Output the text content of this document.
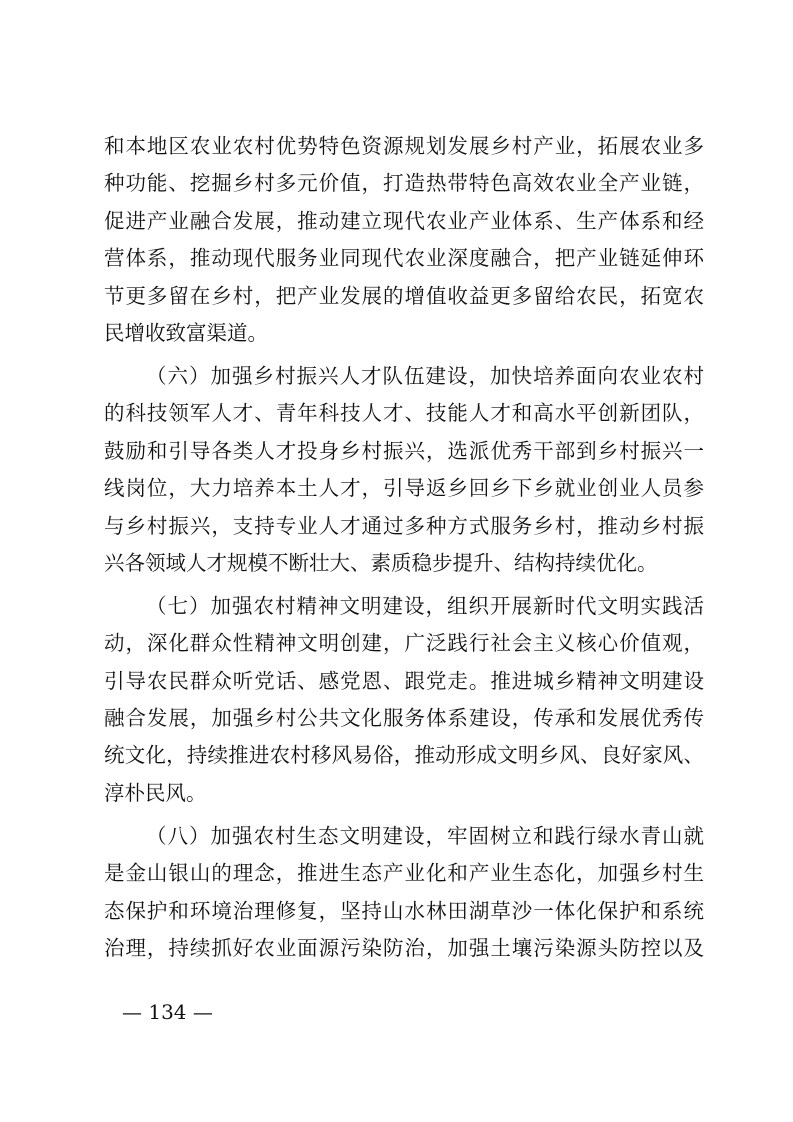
和本地区农业农村优势特色资源规划发展乡村产业，拓展农业多
种功能、挖掘乡村多元价值，打造热带特色高效农业全产业链，
促进产业融合发展，推动建立现代农业产业体系、生产体系和经
营体系，推动现代服务业同现代农业深度融合，把产业链延伸环
节更多留在乡村，把产业发展的增值收益更多留给农民，拓宽农
民增收致富渠道。
（六）加强乡村振兴人才队伍建设，加快培养面向农业农村
的科技领军人才、青年科技人才、技能人才和高水平创新团队，
鼓励和引导各类人才投身乡村振兴，选派优秀干部到乡村振兴一
线岗位，大力培养本土人才，引导返乡回乡下乡就业创业人员参
与乡村振兴，支持专业人才通过多种方式服务乡村，推动乡村振
兴各领域人才规模不断壮大、素质稳步提升、结构持续优化。
（七）加强农村精神文明建设，组织开展新时代文明实践活
动，深化群众性精神文明创建，广泛践行社会主义核心价值观，
引导农民群众听党话、感党恩、跟党走。推进城乡精神文明建设
融合发展，加强乡村公共文化服务体系建设，传承和发展优秀传
统文化，持续推进农村移风易俗，推动形成文明乡风、良好家风、
淳朴民风。
（八）加强农村生态文明建设，牢固树立和践行绿水青山就
是金山银山的理念，推进生态产业化和产业生态化，加强乡村生
态保护和环境治理修复，坚持山水林田湖草沙一体化保护和系统
治理，持续抓好农业面源污染防治，加强土壤污染源头防控以及
— 134 —
